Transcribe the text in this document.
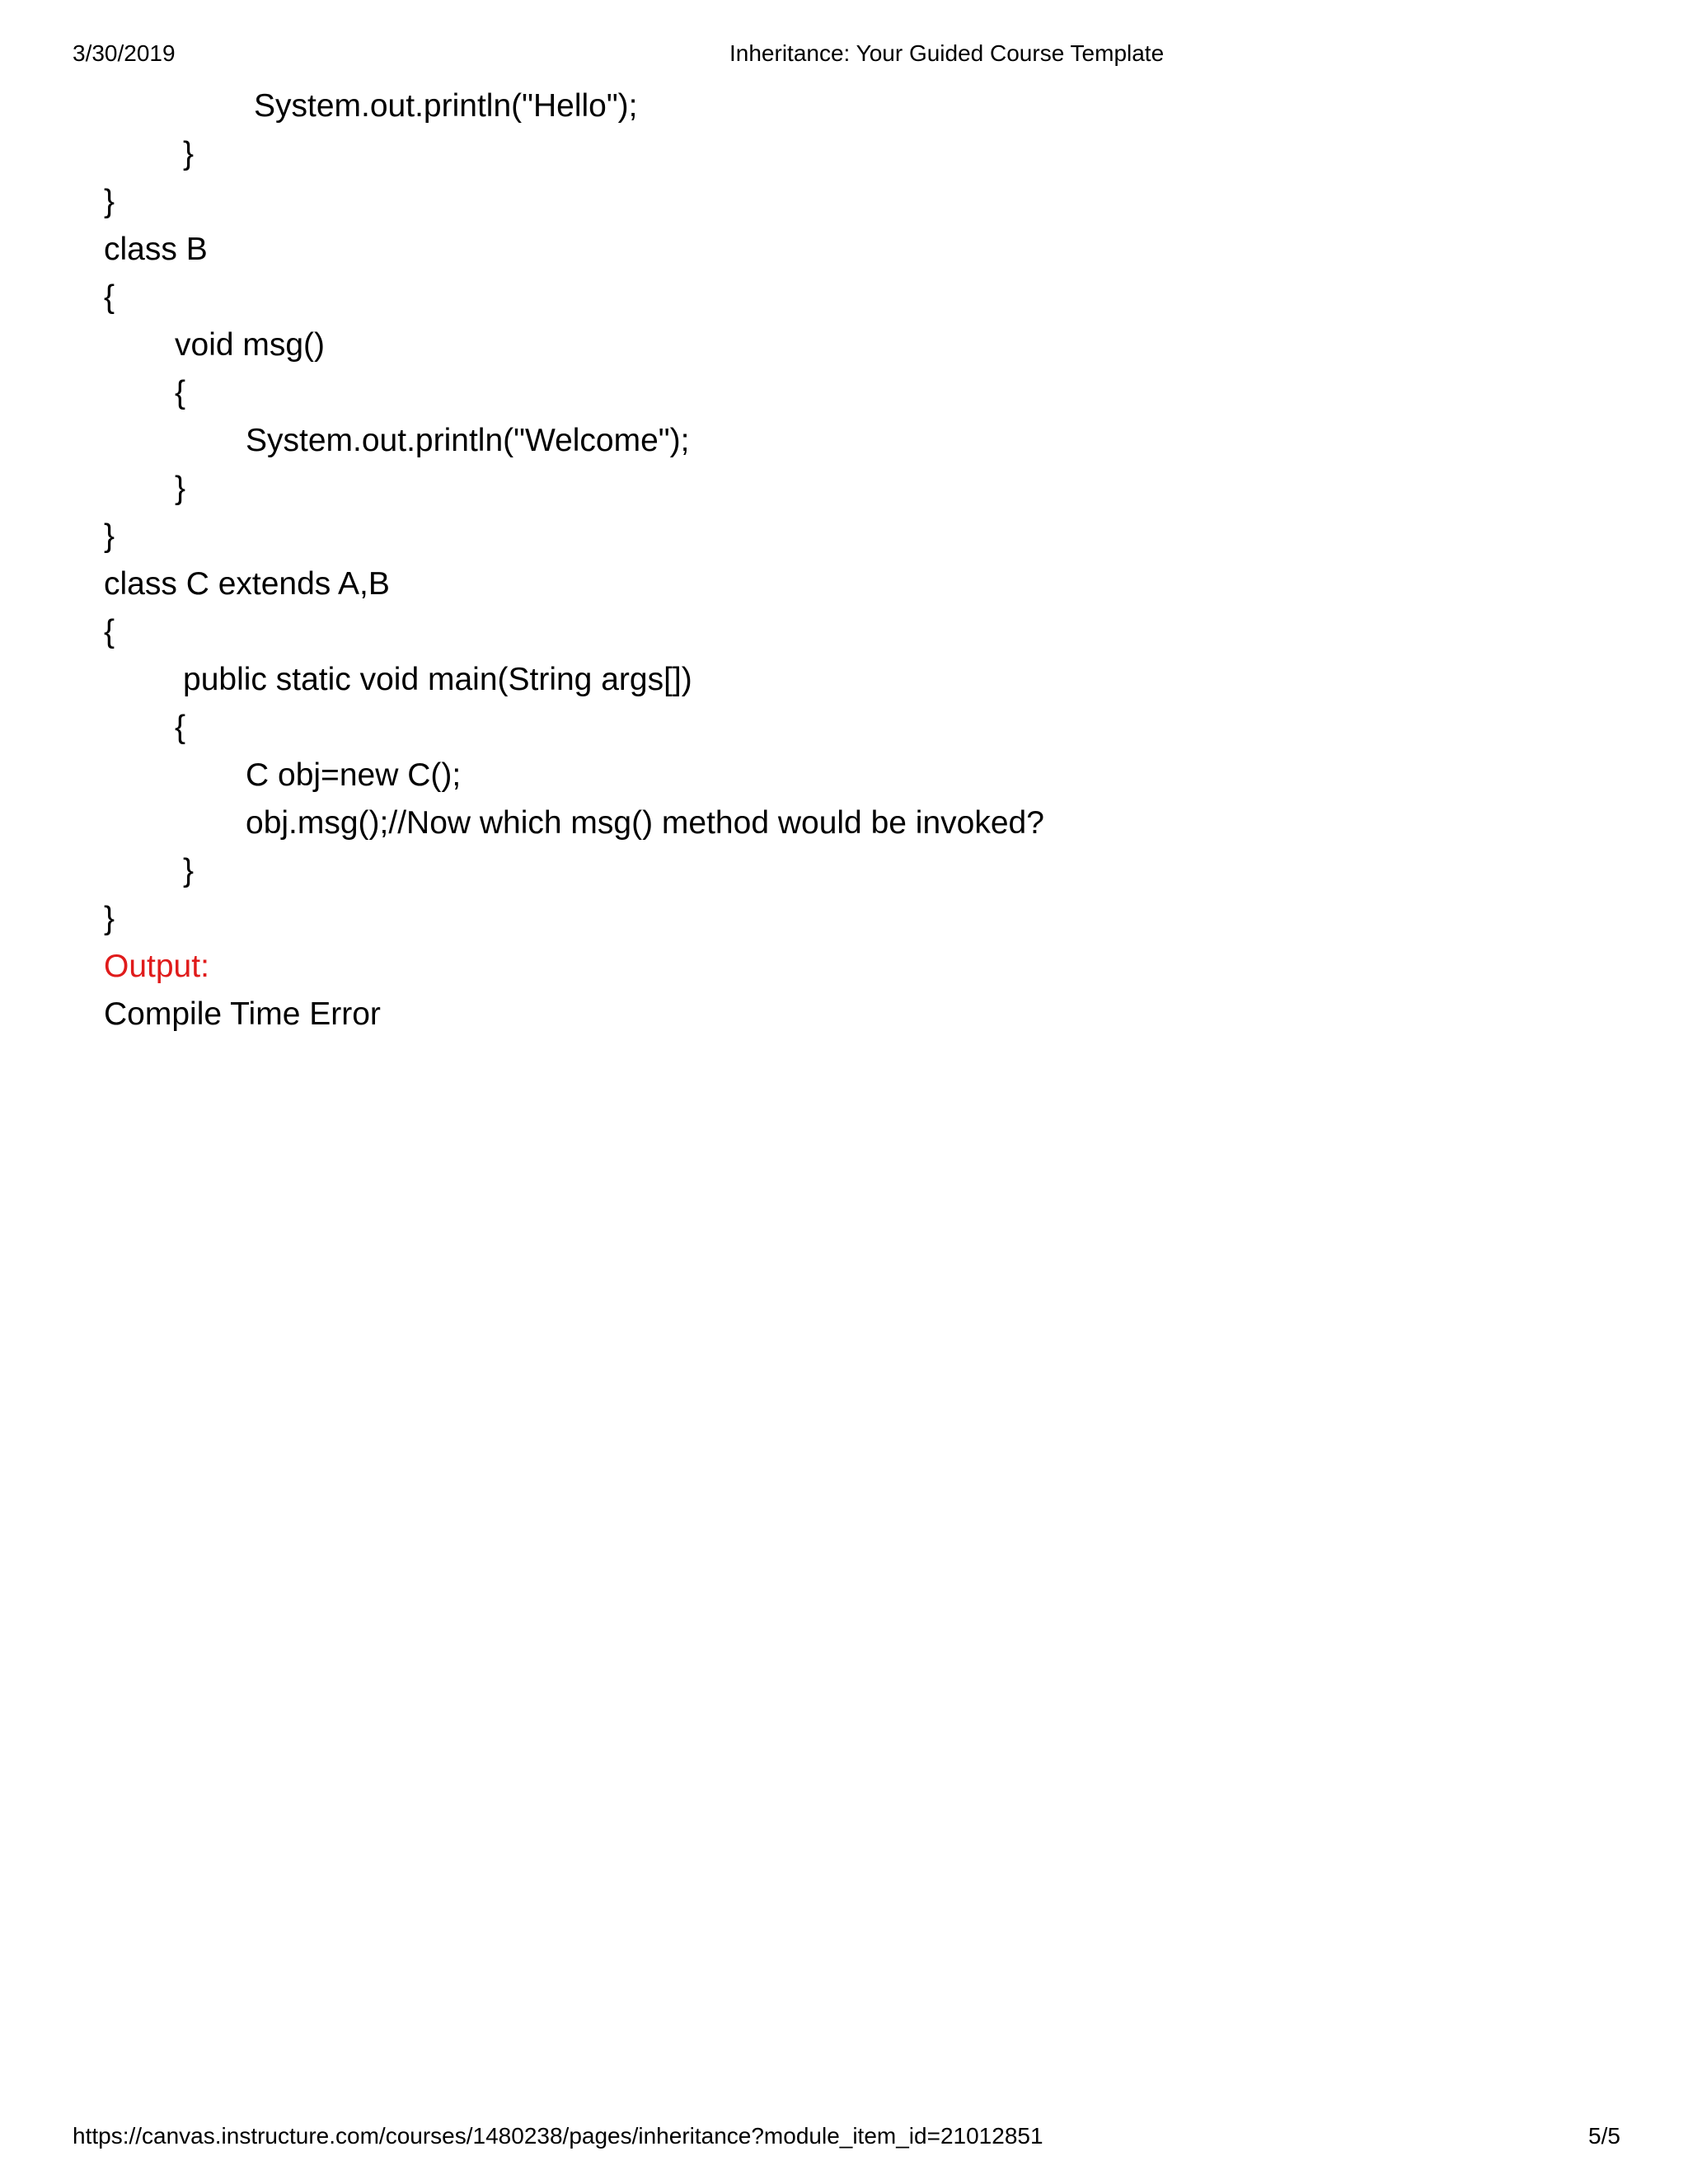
3/30/2019	Inheritance: Your Guided Course Template
System.out.println("Hello");
}
}
class B
{
void msg()
{
System.out.println("Welcome");
}
}
class C extends A,B
{
public static void main(String args[])
{
C obj=new C();
obj.msg();//Now which msg() method would be invoked?
}
}
Output:
Compile Time Error
https://canvas.instructure.com/courses/1480238/pages/inheritance?module_item_id=21012851	5/5
